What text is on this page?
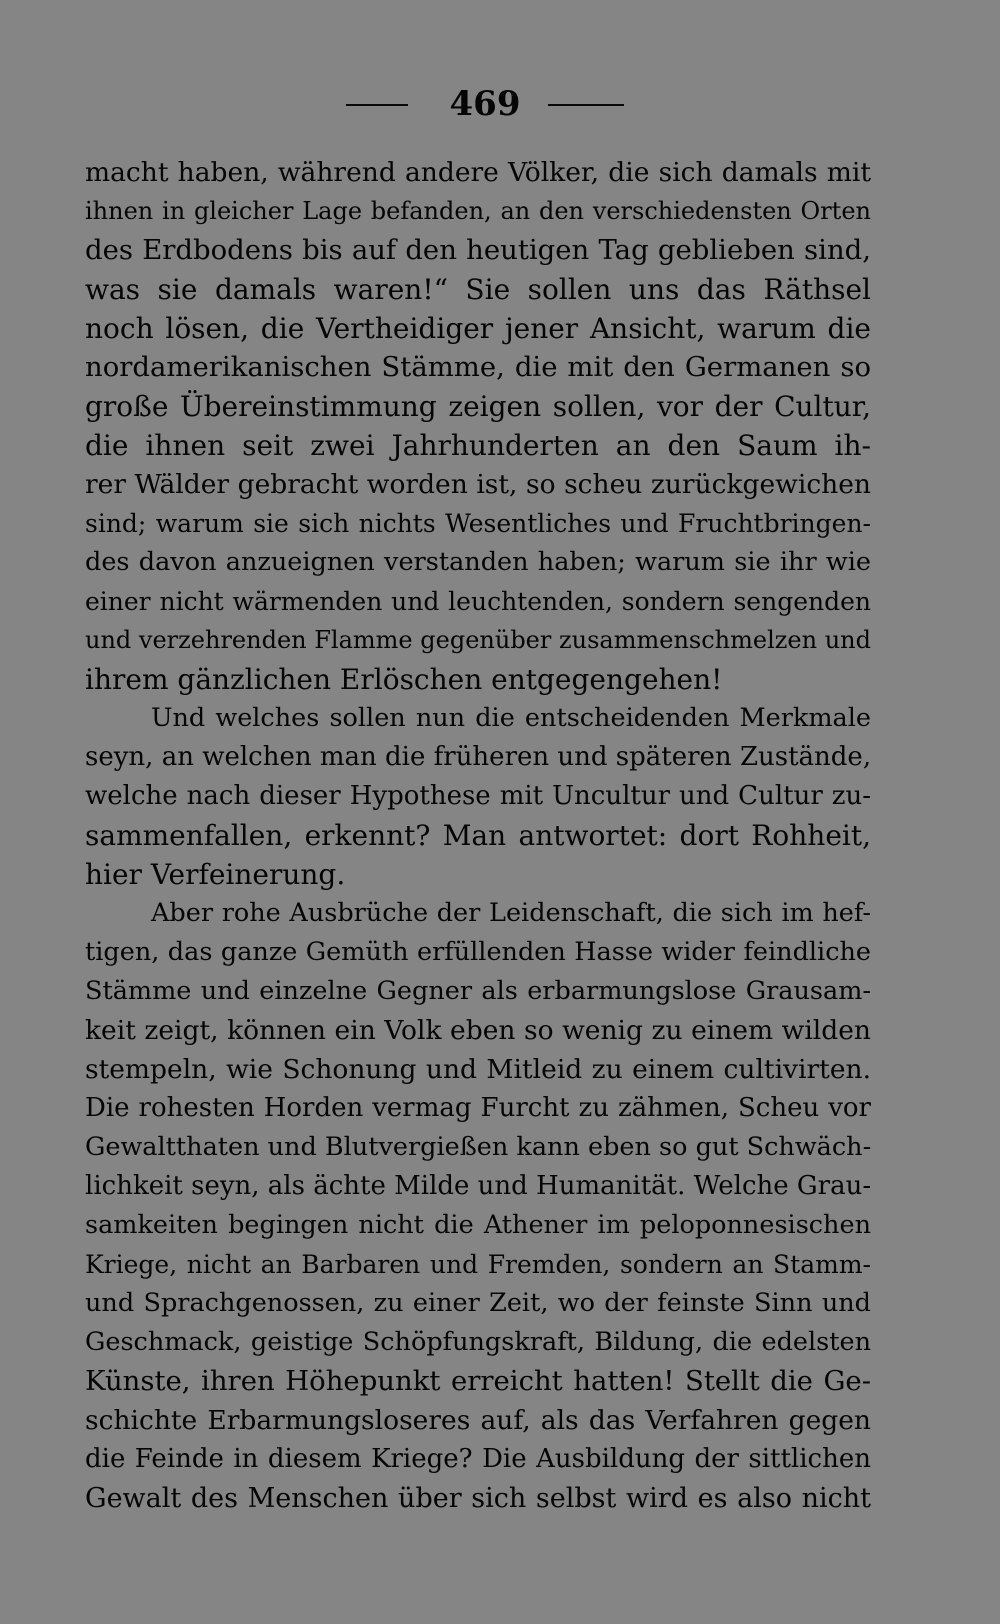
469
macht haben, während andere Völker, die sich damals mit
ihnen in gleicher Lage befanden, an den verschiedensten Orten
des Erdbodens bis auf den heutigen Tag geblieben sind,
was sie damals waren!“ Sie sollen uns das Räthsel
noch lösen, die Vertheidiger jener Ansicht, warum die
nordamerikanischen Stämme, die mit den Germanen so
große Übereinstimmung zeigen sollen, vor der Cultur,
die ihnen seit zwei Jahrhunderten an den Saum ih-
rer Wälder gebracht worden ist, so scheu zurückgewichen
sind; warum sie sich nichts Wesentliches und Fruchtbringen-
des davon anzueignen verstanden haben; warum sie ihr wie
einer nicht wärmenden und leuchtenden, sondern sengenden
und verzehrenden Flamme gegenüber zusammenschmelzen und
ihrem gänzlichen Erlöschen entgegengehen!
Und welches sollen nun die entscheidenden Merkmale
seyn, an welchen man die früheren und späteren Zustände,
welche nach dieser Hypothese mit Uncultur und Cultur zu-
sammenfallen, erkennt? Man antwortet: dort Rohheit,
hier Verfeinerung.
Aber rohe Ausbrüche der Leidenschaft, die sich im hef-
tigen, das ganze Gemüth erfüllenden Hasse wider feindliche
Stämme und einzelne Gegner als erbarmungslose Grausam-
keit zeigt, können ein Volk eben so wenig zu einem wilden
stempeln, wie Schonung und Mitleid zu einem cultivirten.
Die rohesten Horden vermag Furcht zu zähmen, Scheu vor
Gewaltthaten und Blutvergießen kann eben so gut Schwäch-
lichkeit seyn, als ächte Milde und Humanität. Welche Grau-
samkeiten begingen nicht die Athener im peloponnesischen
Kriege, nicht an Barbaren und Fremden, sondern an Stamm-
und Sprachgenossen, zu einer Zeit, wo der feinste Sinn und
Geschmack, geistige Schöpfungskraft, Bildung, die edelsten
Künste, ihren Höhepunkt erreicht hatten! Stellt die Ge-
schichte Erbarmungsloseres auf, als das Verfahren gegen
die Feinde in diesem Kriege? Die Ausbildung der sittlichen
Gewalt des Menschen über sich selbst wird es also nicht
